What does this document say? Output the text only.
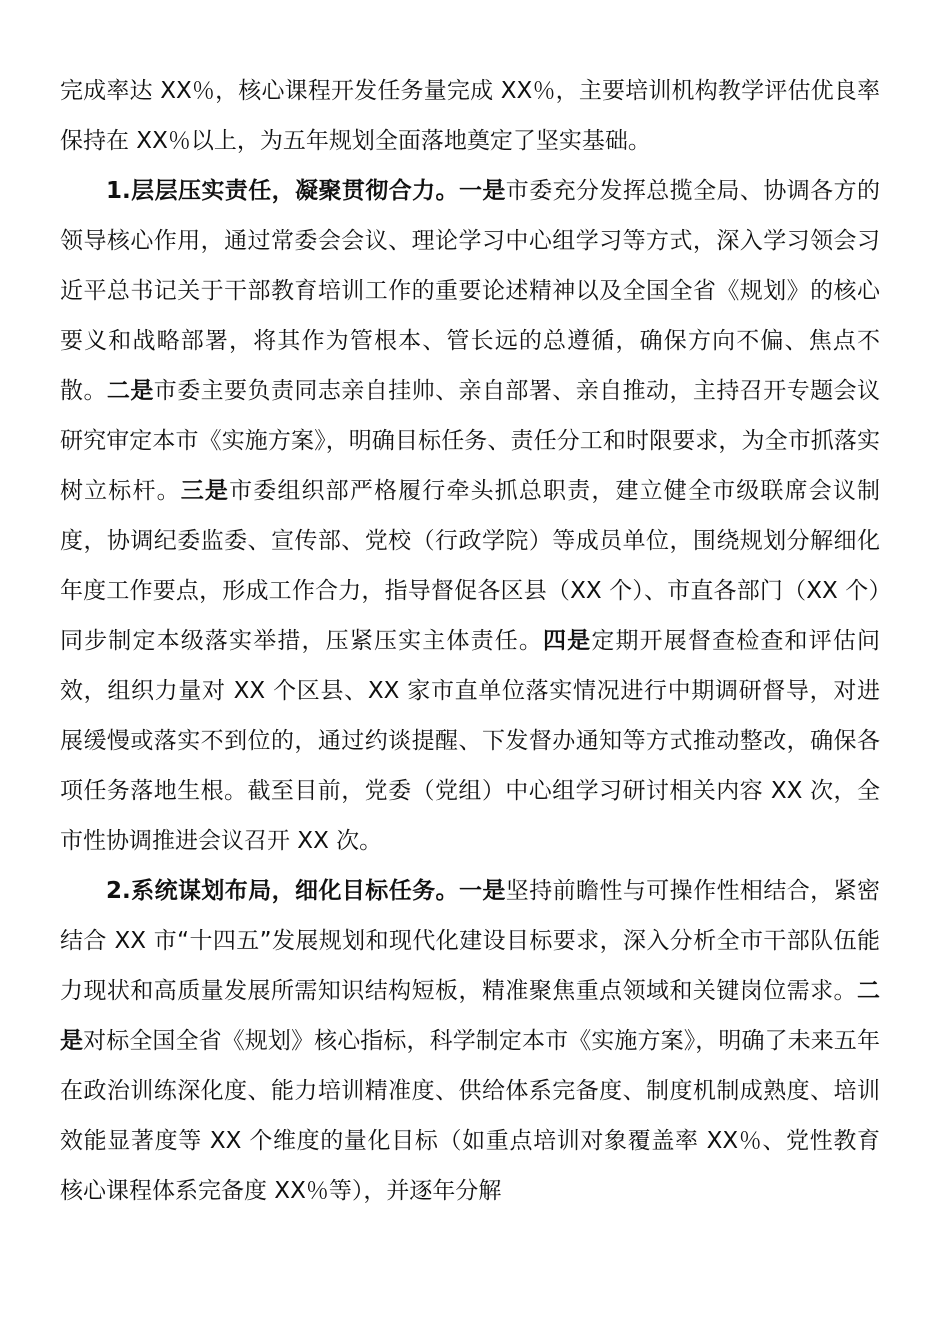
完成率达 XX％，核心课程开发任务量完成 XX％，主要培训机构教学评估优良率保持在 XX％以上，为五年规划全面落地奠定了坚实基础。

1.层层压实责任，凝聚贯彻合力。一是市委充分发挥总揽全局、协调各方的领导核心作用，通过常委会会议、理论学习中心组学习等方式，深入学习领会习近平总书记关于干部教育培训工作的重要论述精神以及全国全省《规划》的核心要义和战略部署，将其作为管根本、管长远的总遵循，确保方向不偏、焦点不散。二是市委主要负责同志亲自挂帅、亲自部署、亲自推动，主持召开专题会议研究审定本市《实施方案》，明确目标任务、责任分工和时限要求，为全市抓落实树立标杆。三是市委组织部严格履行牵头抓总职责，建立健全市级联席会议制度，协调纪委监委、宣传部、党校（行政学院）等成员单位，围绕规划分解细化年度工作要点，形成工作合力，指导督促各区县（XX 个）、市直各部门（XX 个）同步制定本级落实举措，压紧压实主体责任。四是定期开展督查检查和评估问效，组织力量对 XX 个区县、XX 家市直单位落实情况进行中期调研督导，对进展缓慢或落实不到位的，通过约谈提醒、下发督办通知等方式推动整改，确保各项任务落地生根。截至目前，党委（党组）中心组学习研讨相关内容 XX 次，全市性协调推进会议召开 XX 次。

2.系统谋划布局，细化目标任务。一是坚持前瞻性与可操作性相结合，紧密结合 XX 市“十四五”发展规划和现代化建设目标要求，深入分析全市干部队伍能力现状和高质量发展所需知识结构短板，精准聚焦重点领域和关键岗位需求。二是对标全国全省《规划》核心指标，科学制定本市《实施方案》，明确了未来五年在政治训练深化度、能力培训精准度、供给体系完备度、制度机制成熟度、培训效能显著度等 XX 个维度的量化目标（如重点培训对象覆盖率 XX％、党性教育核心课程体系完备度 XX％等），并逐年分解
